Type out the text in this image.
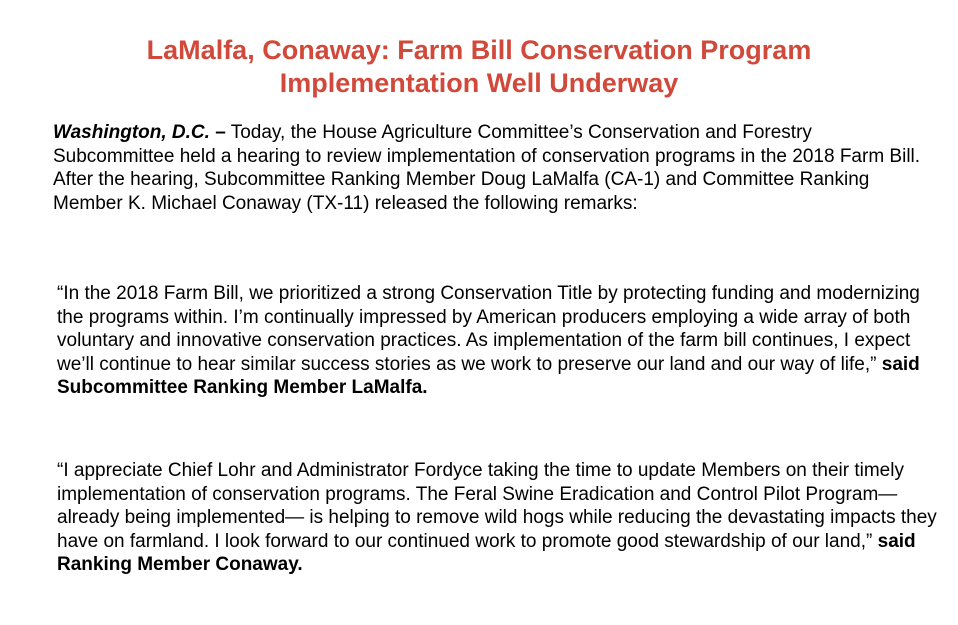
LaMalfa, Conaway: Farm Bill Conservation Program
Implementation Well Underway

Washington, D.C. – Today, the House Agriculture Committee’s Conservation and Forestry Subcommittee held a hearing to review implementation of conservation programs in the 2018 Farm Bill. After the hearing, Subcommittee Ranking Member Doug LaMalfa (CA-1) and Committee Ranking Member K. Michael Conaway (TX-11) released the following remarks:

“In the 2018 Farm Bill, we prioritized a strong Conservation Title by protecting funding and modernizing the programs within. I’m continually impressed by American producers employing a wide array of both voluntary and innovative conservation practices. As implementation of the farm bill continues, I expect we’ll continue to hear similar success stories as we work to preserve our land and our way of life,” said Subcommittee Ranking Member LaMalfa.

“I appreciate Chief Lohr and Administrator Fordyce taking the time to update Members on their timely implementation of conservation programs. The Feral Swine Eradication and Control Pilot Program— already being implemented— is helping to remove wild hogs while reducing the devastating impacts they have on farmland. I look forward to our continued work to promote good stewardship of our land,” said Ranking Member Conaway.
